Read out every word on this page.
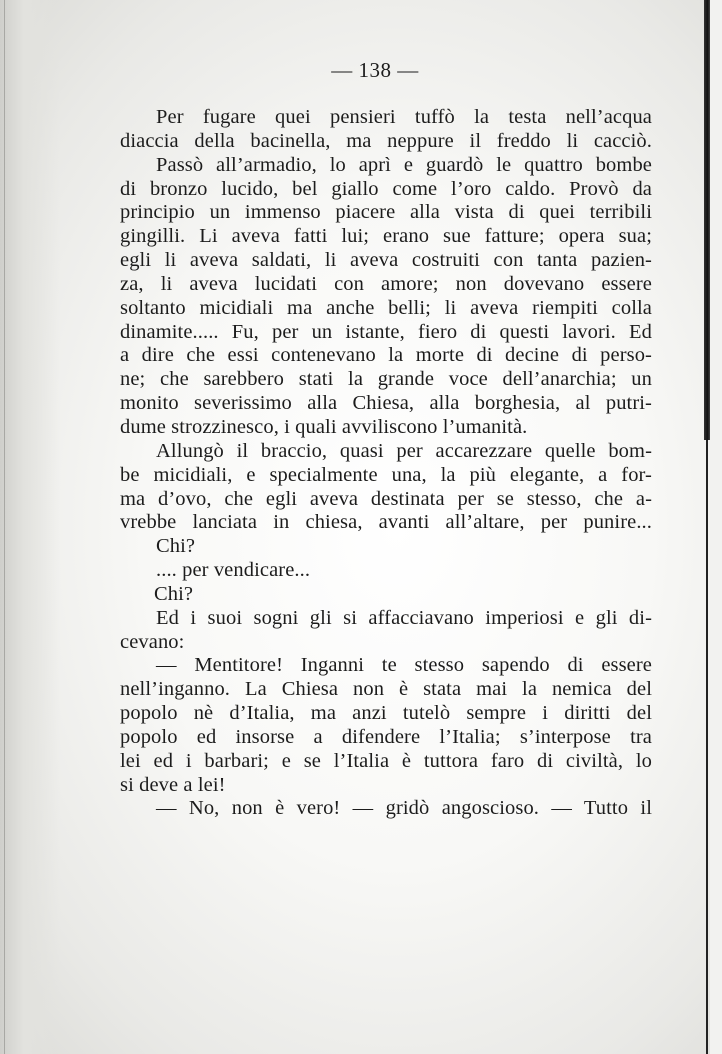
— 138 —
Per fugare quei pensieri tuffò la testa nell’acqua
diaccia della bacinella, ma neppure il freddo li cacciò.
Passò all’armadio, lo aprì e guardò le quattro bombe
di bronzo lucido, bel giallo come l’oro caldo. Provò da
principio un immenso piacere alla vista di quei terribili
gingilli. Li aveva fatti lui; erano sue fatture; opera sua;
egli li aveva saldati, li aveva costruiti con tanta pazien-
za, li aveva lucidati con amore; non dovevano essere
soltanto micidiali ma anche belli; li aveva riempiti colla
dinamite..... Fu, per un istante, fiero di questi lavori. Ed
a dire che essi contenevano la morte di decine di perso-
ne; che sarebbero stati la grande voce dell’anarchia; un
monito severissimo alla Chiesa, alla borghesia, al putri-
dume strozzinesco, i quali avviliscono l’umanità.
Allungò il braccio, quasi per accarezzare quelle bom-
be micidiali, e specialmente una, la più elegante, a for-
ma d’ovo, che egli aveva destinata per se stesso, che a-
vrebbe lanciata in chiesa, avanti all’altare, per punire...
Chi?
.... per vendicare...
Chi?
Ed i suoi sogni gli si affacciavano imperiosi e gli di-
cevano:
— Mentitore! Inganni te stesso sapendo di essere
nell’inganno. La Chiesa non è stata mai la nemica del
popolo nè d’Italia, ma anzi tutelò sempre i diritti del
popolo ed insorse a difendere l’Italia; s’interpose tra
lei ed i barbari; e se l’Italia è tuttora faro di civiltà, lo
si deve a lei!
— No, non è vero! — gridò angoscioso. — Tutto il
